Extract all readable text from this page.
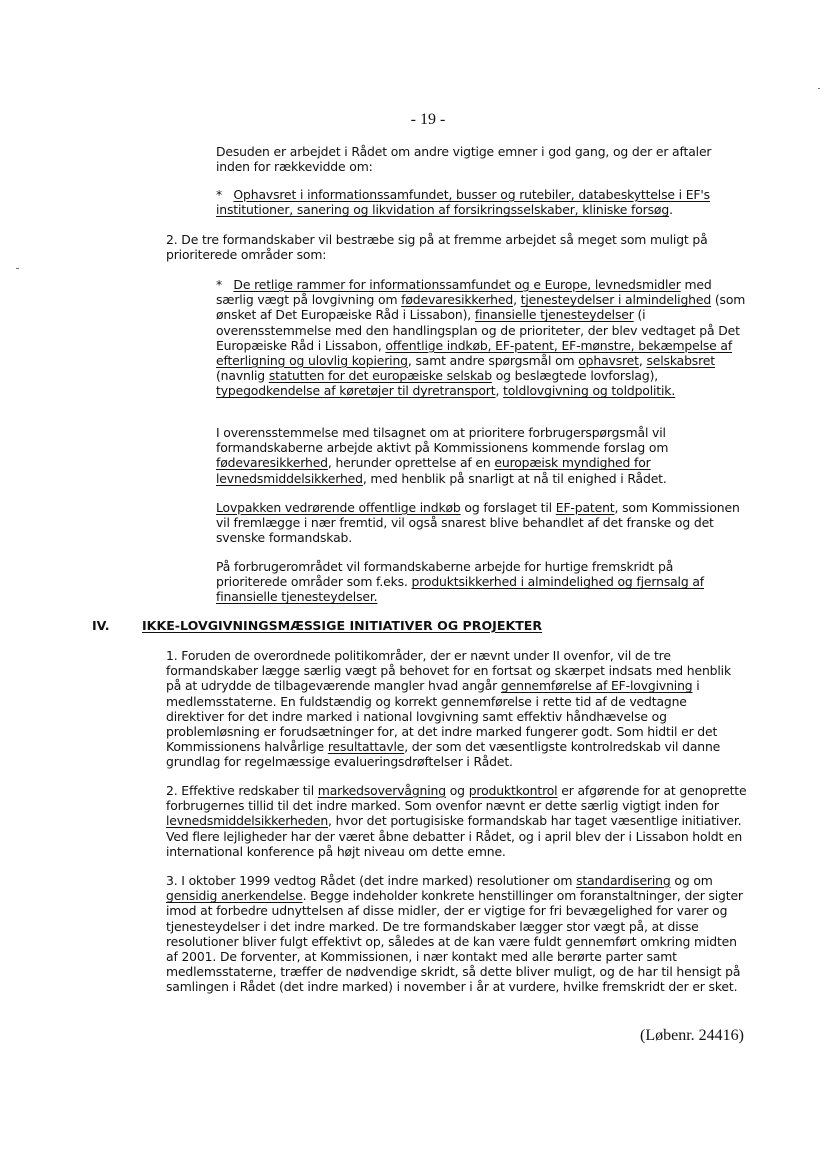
- 19 -
Desuden er arbejdet i Rådet om andre vigtige emner i god gang, og der er aftaler inden for rækkevidde om:
* Ophavsret i informationssamfundet, busser og rutebiler, databeskyttelse i EF's institutioner, sanering og likvidation af forsikringsselskaber, kliniske forsøg.
2. De tre formandskaber vil bestræbe sig på at fremme arbejdet så meget som muligt på prioriterede områder som:
* De retlige rammer for informationssamfundet og e Europe, levnedsmidler med særlig vægt på lovgivning om fødevaresikkerhed, tjenesteydelser i almindelighed (som ønsket af Det Europæiske Råd i Lissabon), finansielle tjenesteydelser (i overensstemmelse med den handlingsplan og de prioriteter, der blev vedtaget på Det Europæiske Råd i Lissabon, offentlige indkøb, EF-patent, EF-mønstre, bekæmpelse af efterligning og ulovlig kopiering, samt andre spørgsmål om ophavsret, selskabsret (navnlig statutten for det europæiske selskab og beslægtede lovforslag), typegodkendelse af køretøjer til dyretransport, toldlovgivning og toldpolitik.
I overensstemmelse med tilsagnet om at prioritere forbrugerspørgsmål vil formandskaberne arbejde aktivt på Kommissionens kommende forslag om fødevaresikkerhed, herunder oprettelse af en europæisk myndighed for levnedsmiddelsikkerhed, med henblik på snarligt at nå til enighed i Rådet.
Lovpakken vedrørende offentlige indkøb og forslaget til EF-patent, som Kommissionen vil fremlægge i nær fremtid, vil også snarest blive behandlet af det franske og det svenske formandskab.
På forbrugerområdet vil formandskaberne arbejde for hurtige fremskridt på prioriterede områder som f.eks. produktsikkerhed i almindelighed og fjernsalg af finansielle tjenesteydelser.
IV.	IKKE-LOVGIVNINGSMÆSSIGE INITIATIVER OG PROJEKTER
1. Foruden de overordnede politikområder, der er nævnt under II ovenfor, vil de tre formandskaber lægge særlig vægt på behovet for en fortsat og skærpet indsats med henblik på at udrydde de tilbageværende mangler hvad angår gennemførelse af EF-lovgivning i medlemsstaterne. En fuldstændig og korrekt gennemførelse i rette tid af de vedtagne direktiver for det indre marked i national lovgivning samt effektiv håndhævelse og problemløsning er forudsætninger for, at det indre marked fungerer godt. Som hidtil er det Kommissionens halvårlige resultattavle, der som det væsentligste kontrolredskab vil danne grundlag for regelmæssige evalueringsdrøftelser i Rådet.
2. Effektive redskaber til markedsovervågning og produktkontrol er afgørende for at genoprette forbrugernes tillid til det indre marked. Som ovenfor nævnt er dette særlig vigtigt inden for levnedsmiddelsikkerheden, hvor det portugisiske formandskab har taget væsentlige initiativer. Ved flere lejligheder har der været åbne debatter i Rådet, og i april blev der i Lissabon holdt en international konference på højt niveau om dette emne.
3. I oktober 1999 vedtog Rådet (det indre marked) resolutioner om standardisering og om gensidig anerkendelse. Begge indeholder konkrete henstillinger om foranstaltninger, der sigter imod at forbedre udnyttelsen af disse midler, der er vigtige for fri bevægelighed for varer og tjenesteydelser i det indre marked. De tre formandskaber lægger stor vægt på, at disse resolutioner bliver fulgt effektivt op, således at de kan være fuldt gennemført omkring midten af 2001. De forventer, at Kommissionen, i nær kontakt med alle berørte parter samt medlemsstaterne, træffer de nødvendige skridt, så dette bliver muligt, og de har til hensigt på samlingen i Rådet (det indre marked) i november i år at vurdere, hvilke fremskridt der er sket.
(Løbenr. 24416)
